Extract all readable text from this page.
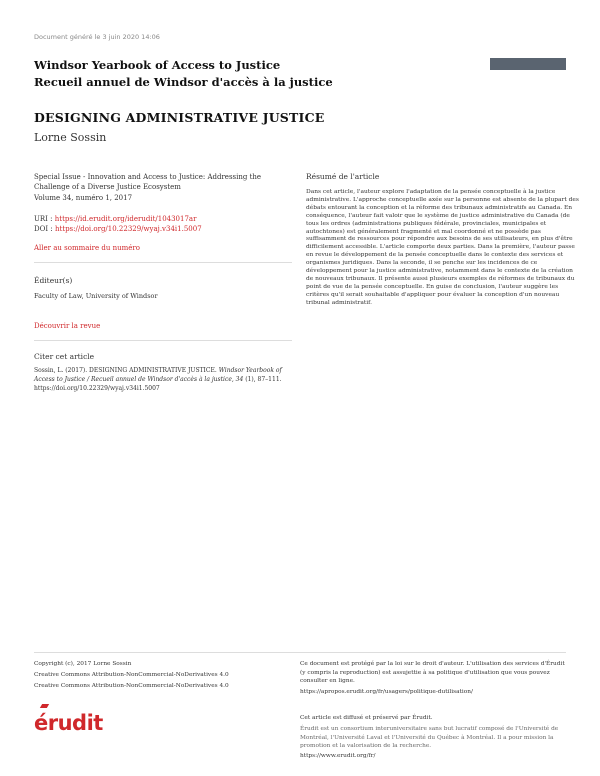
Document généré le 3 juin 2020 14:06
Windsor Yearbook of Access to Justice
Recueil annuel de Windsor d'accès à la justice
DESIGNING ADMINISTRATIVE JUSTICE
Lorne Sossin
Special Issue - Innovation and Access to Justice: Addressing the Challenge of a Diverse Justice Ecosystem
Volume 34, numéro 1, 2017
URI : https://id.erudit.org/iderudit/1043017ar
DOI : https://doi.org/10.22329/wyaj.v34i1.5007
Aller au sommaire du numéro
Éditeur(s)
Faculty of Law, University of Windsor
Découvrir la revue
Citer cet article
Sossin, L. (2017). DESIGNING ADMINISTRATIVE JUSTICE. Windsor Yearbook of Access to Justice / Recueil annuel de Windsor d'accès à la justice, 34 (1), 87–111. https://doi.org/10.22329/wyaj.v34i1.5007
Résumé de l'article
Dans cet article, l'auteur explore l'adaptation de la pensée conceptuelle à la justice administrative. L'approche conceptuelle axée sur la personne est absente de la plupart des débats entourant la conception et la réforme des tribunaux administratifs au Canada. En conséquence, l'auteur fait valoir que le système de justice administrative du Canada (de tous les ordres (administrations publiques fédérale, provinciales, municipales et autochtones) est généralement fragmenté et mal coordonné et ne possède pas suffisamment de ressources pour répondre aux besoins de ses utilisateurs, en plus d'être difficilement accessible. L'article comporte deux parties. Dans la première, l'auteur passe en revue le développement de la pensée conceptuelle dans le contexte des services et organismes juridiques. Dans la seconde, il se penche sur les incidences de ce développement pour la justice administrative, notamment dans le contexte de la création de nouveaux tribunaux. Il présente aussi plusieurs exemples de réformes de tribunaux du point de vue de la pensée conceptuelle. En guise de conclusion, l'auteur suggère les critères qu'il serait souhaitable d'appliquer pour évaluer la conception d'un nouveau tribunal administratif.
Copyright (c), 2017 Lorne Sossin
Creative Commons Attribution-NonCommercial-NoDerivatives 4.0
Creative Commons Attribution-NonCommercial-NoDerivatives 4.0
Ce document est protégé par la loi sur le droit d'auteur. L'utilisation des services d'Érudit (y compris la reproduction) est assujettie à sa politique d'utilisation que vous pouvez consulter en ligne.
https://apropos.erudit.org/fr/usagers/politique-dutilisation/
érudit	Cet article est diffusé et préservé par Érudit.
Érudit est un consortium interuniversitaire sans but lucratif composé de l'Université de Montréal, l'Université Laval et l'Université du Québec à Montréal. Il a pour mission la promotion et la valorisation de la recherche.
https://www.erudit.org/fr/
